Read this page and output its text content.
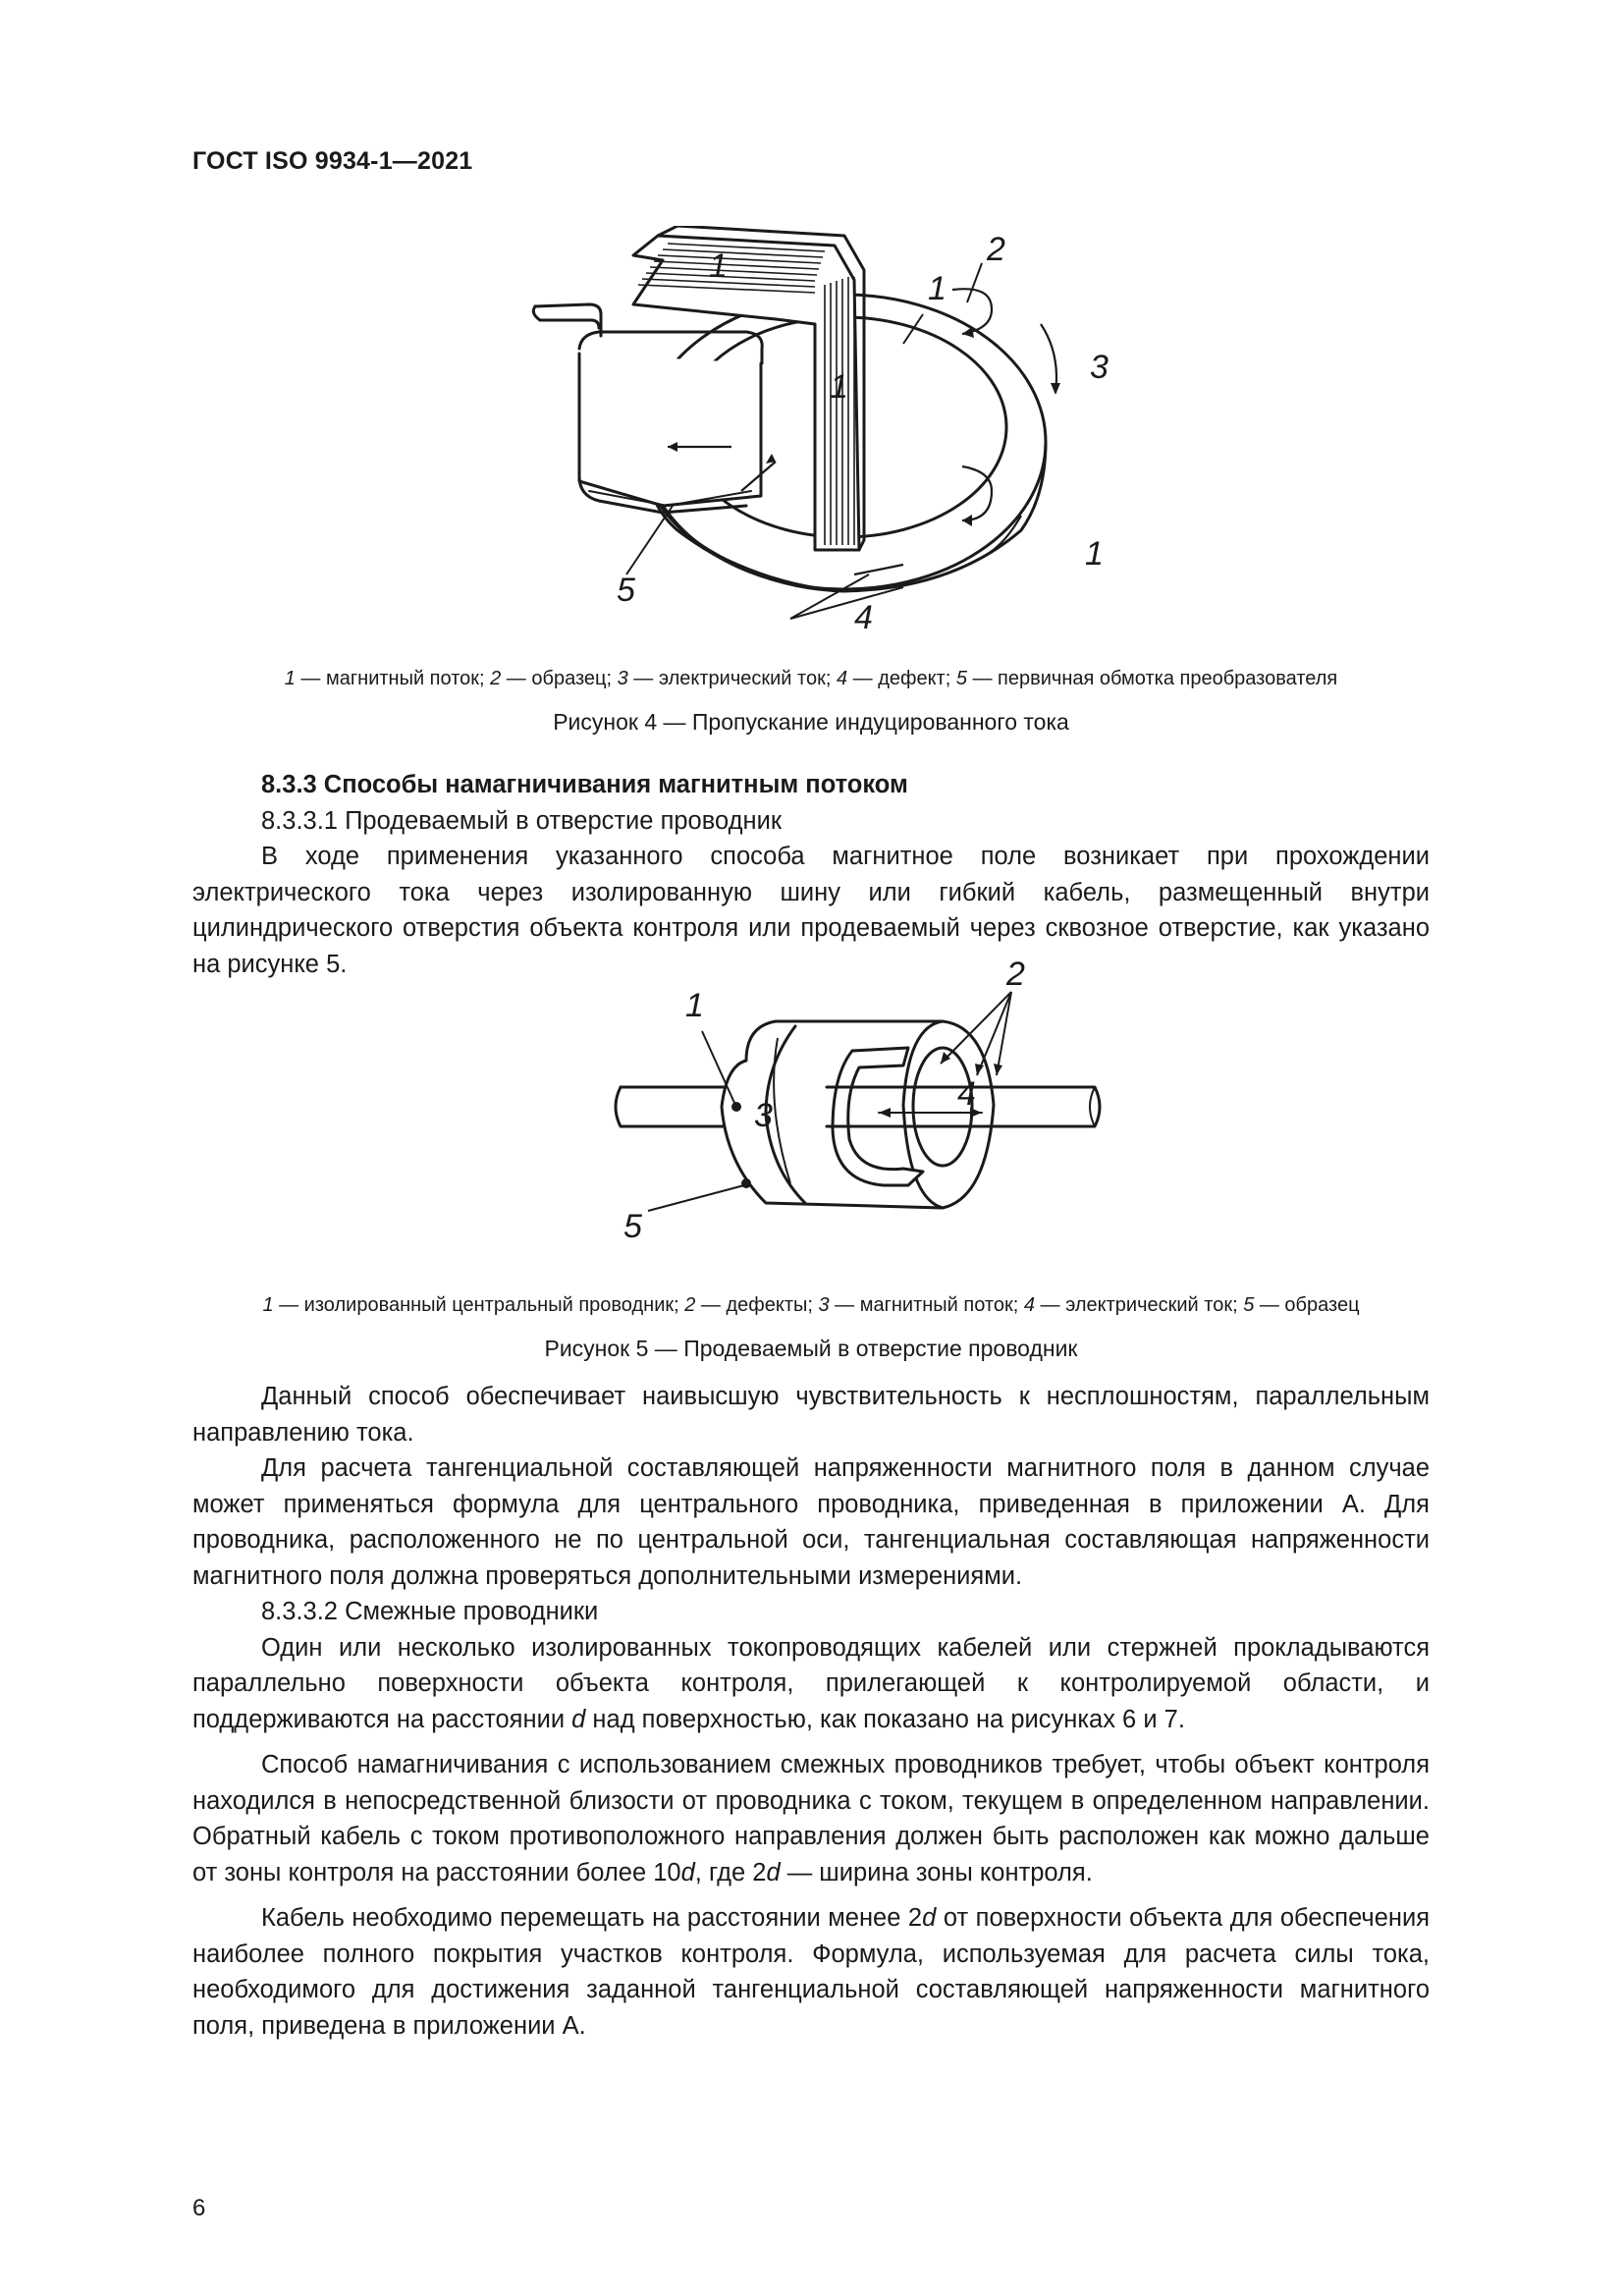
ГОСТ ISO 9934-1—2021
1
1
1
1
2
3
4
5
1 — магнитный поток; 2 — образец; 3 — электрический ток; 4 — дефект; 5 — первичная обмотка преобразователя
Рисунок 4 — Пропускание индуцированного тока

8.3.3 Способы намагничивания магнитным потоком

8.3.3.1 Продеваемый в отверстие проводник

В ходе применения указанного способа магнитное поле возникает при прохождении электрического тока через изолированную шину или гибкий кабель, размещенный внутри цилиндрического отверстия объекта контроля или продеваемый через сквозное отверстие, как указано на рисунке 5.

1
2
3
4
5
1 — изолированный центральный проводник; 2 — дефекты; 3 — магнитный поток; 4 — электрический ток; 5 — образец
Рисунок 5 — Продеваемый в отверстие проводник

Данный способ обеспечивает наивысшую чувствительность к несплошностям, параллельным направлению тока.

Для расчета тангенциальной составляющей напряженности магнитного поля в данном случае может применяться формула для центрального проводника, приведенная в приложении А. Для проводника, расположенного не по центральной оси, тангенциальная составляющая напряженности магнитного поля должна проверяться дополнительными измерениями.

8.3.3.2 Смежные проводники

Один или несколько изолированных токопроводящих кабелей или стержней прокладываются параллельно поверхности объекта контроля, прилегающей к контролируемой области, и поддерживаются на расстоянии d над поверхностью, как показано на рисунках 6 и 7.

Способ намагничивания с использованием смежных проводников требует, чтобы объект контроля находился в непосредственной близости от проводника с током, текущем в определенном направлении. Обратный кабель с током противоположного направления должен быть расположен как можно дальше от зоны контроля на расстоянии более 10d, где 2d — ширина зоны контроля.

Кабель необходимо перемещать на расстоянии менее 2d от поверхности объекта для обеспечения наиболее полного покрытия участков контроля. Формула, используемая для расчета силы тока, необходимого для достижения заданной тангенциальной составляющей напряженности магнитного поля, приведена в приложении А.

6
